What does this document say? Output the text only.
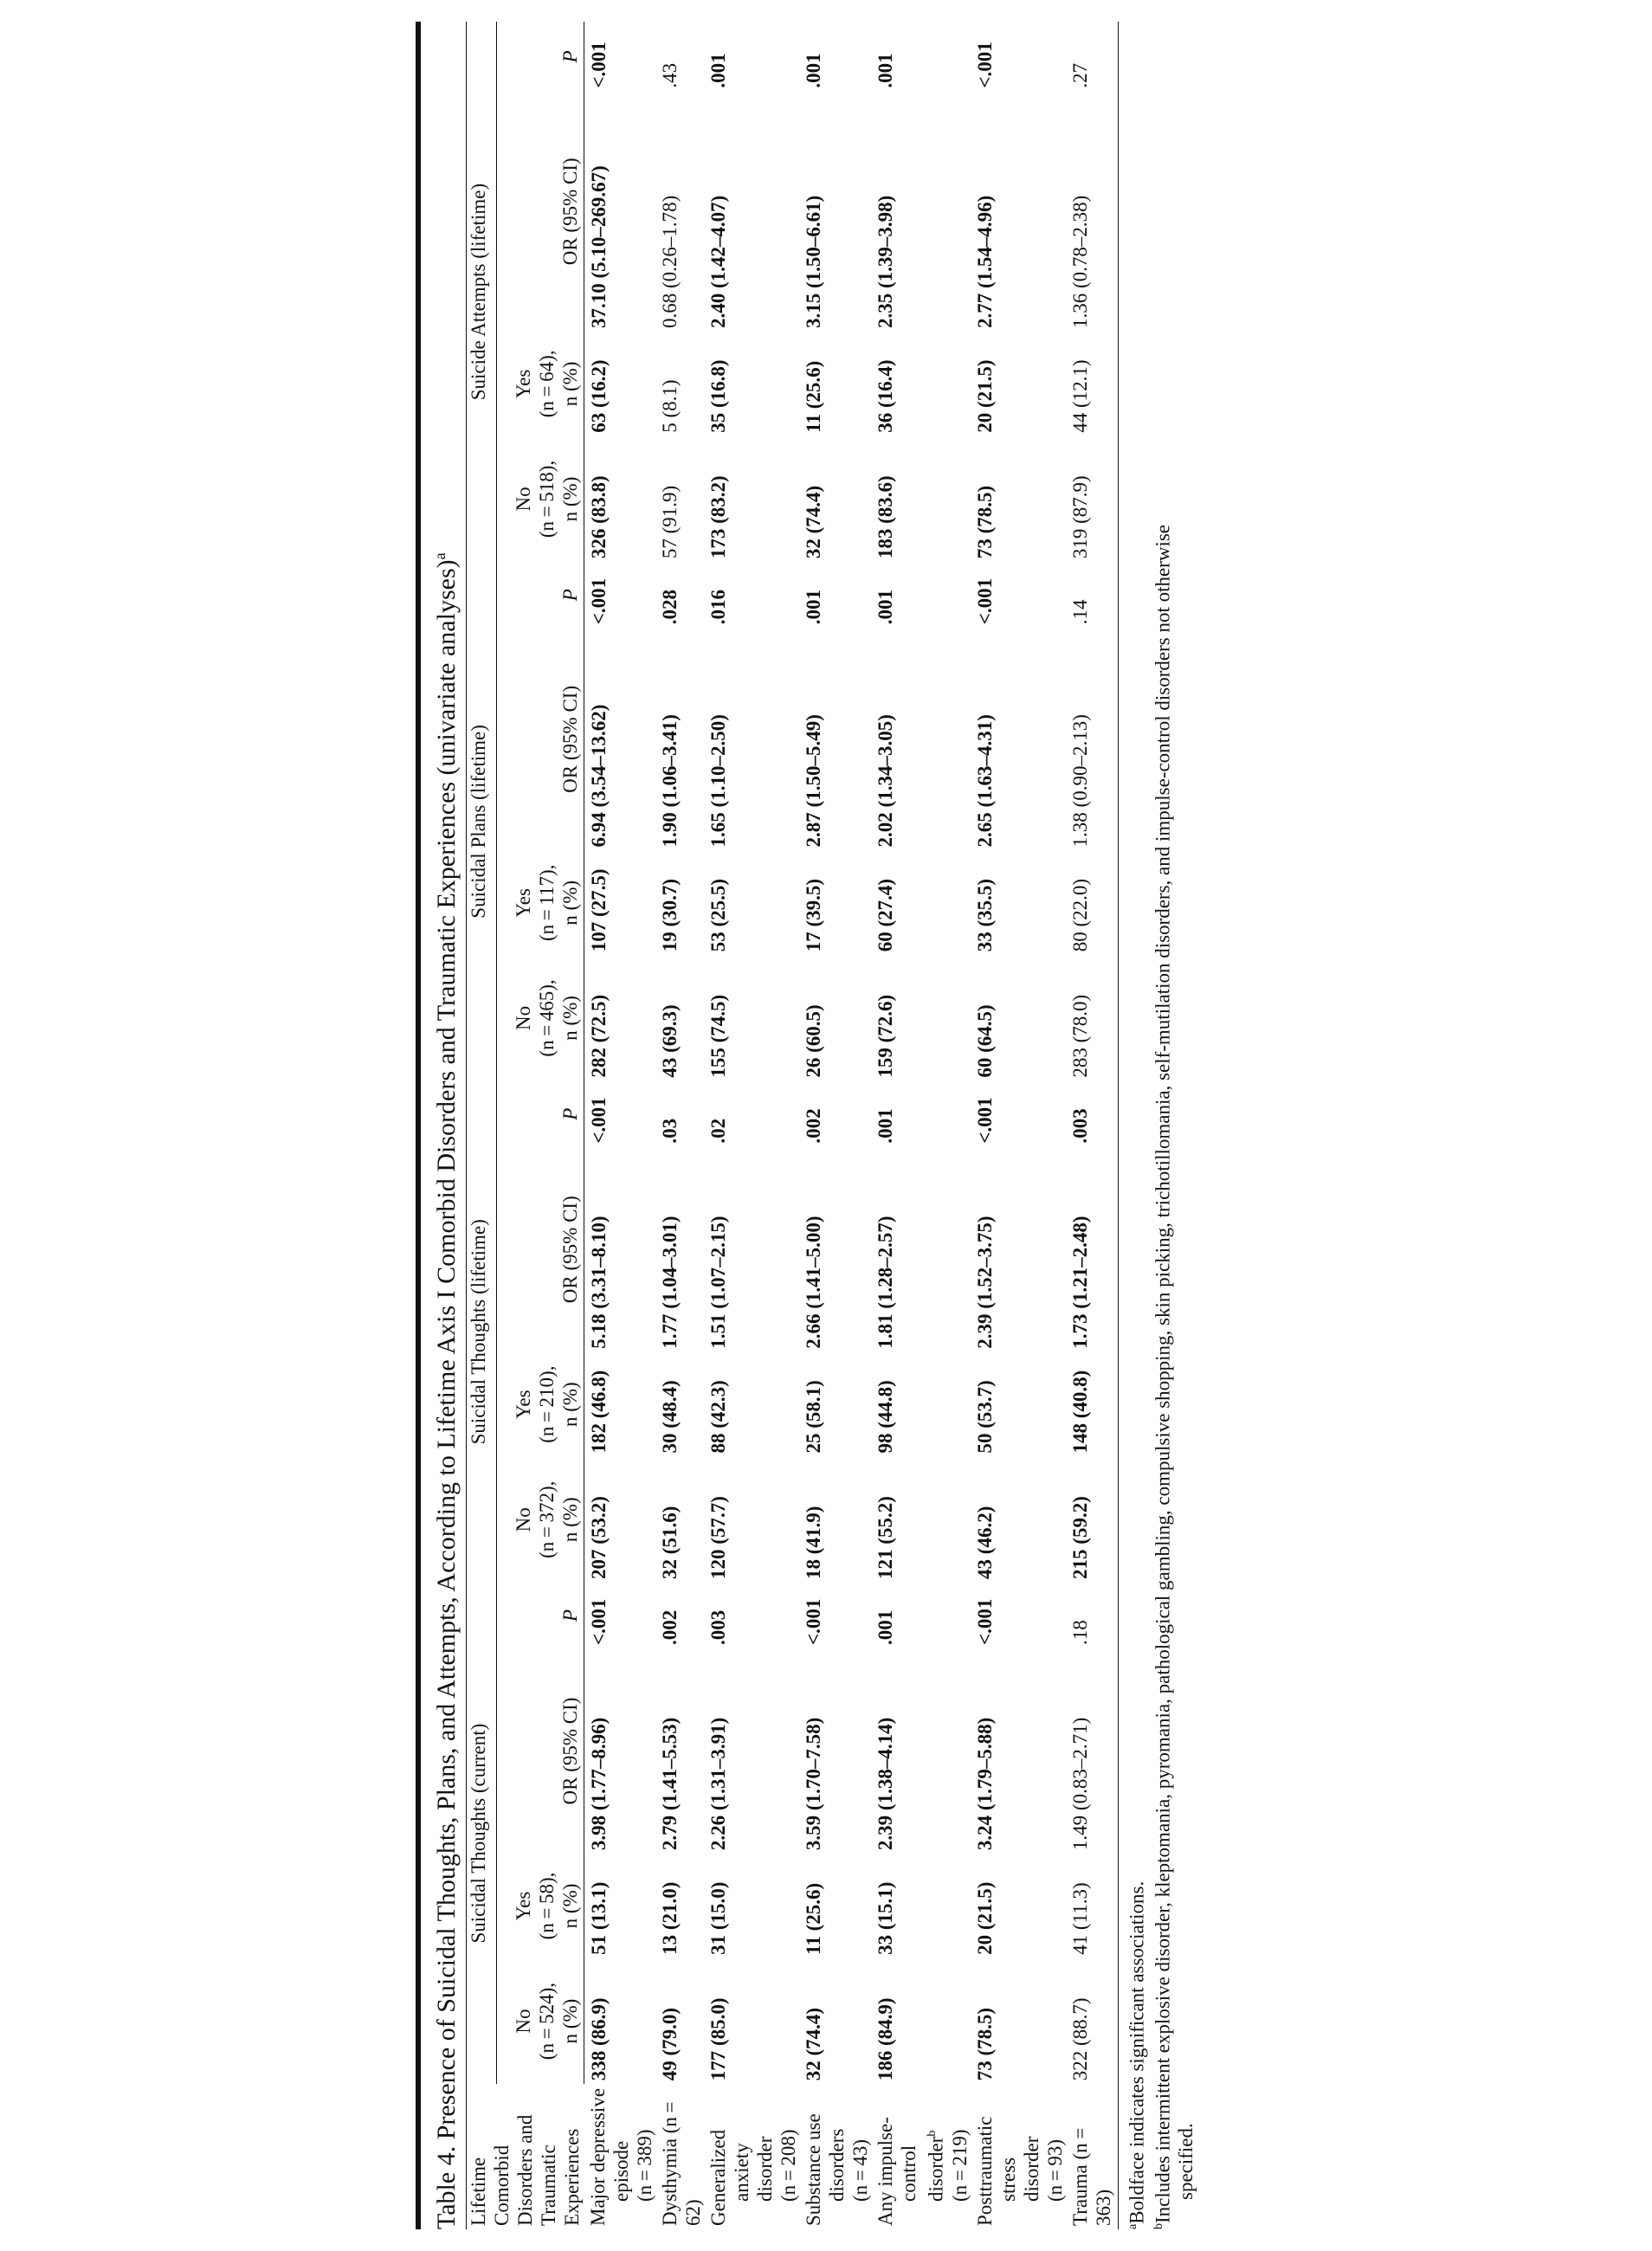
Table 4. Presence of Suicidal Thoughts, Plans, and Attempts, According to Lifetime Axis I Comorbid Disorders and Traumatic Experiences (univariate analyses)$^a$
Lifetime Comorbid Disorders and Traumatic Experiences	Suicidal Thoughts (current)				Suicidal Thoughts (lifetime)				Suicidal Plans (lifetime)				Suicide Attempts (lifetime)			

	No (n = 524), n (%)	Yes (n = 58), n (%)	OR (95% CI)	P	No (n = 372), n (%)	Yes (n = 210), n (%)	OR (95% CI)	P	No (n = 465), n (%)	Yes (n = 117), n (%)	OR (95% CI)	P	No (n = 518), n (%)	Yes (n = 64), n (%)	OR (95% CI)	P

Major depressive episode (n = 389)	338 (86.9)	51 (13.1)	3.98 (1.77–8.96)	<.001	207 (53.2)	182 (46.8)	5.18 (3.31–8.10)	<.001	282 (72.5)	107 (27.5)	6.94 (3.54–13.62)	<.001	326 (83.8)	63 (16.2)	37.10 (5.10–269.67)	<.001

Dysthymia (n = 62)	49 (79.0)	13 (21.0)	2.79 (1.41–5.53)	.002	32 (51.6)	30 (48.4)	1.77 (1.04–3.01)	.03	43 (69.3)	19 (30.7)	1.90 (1.06–3.41)	.028	57 (91.9)	5 (8.1)	0.68 (0.26–1.78)	.43

Generalized anxiety disorder (n = 208)	177 (85.0)	31 (15.0)	2.26 (1.31–3.91)	.003	120 (57.7)	88 (42.3)	1.51 (1.07–2.15)	.02	155 (74.5)	53 (25.5)	1.65 (1.10–2.50)	.016	173 (83.2)	35 (16.8)	2.40 (1.42–4.07)	.001

Substance use disorders (n = 43)	32 (74.4)	11 (25.6)	3.59 (1.70–7.58)	<.001	18 (41.9)	25 (58.1)	2.66 (1.41–5.00)	.002	26 (60.5)	17 (39.5)	2.87 (1.50–5.49)	.001	32 (74.4)	11 (25.6)	3.15 (1.50–6.61)	.001

Any impulse- control disorder$^b$ (n = 219)	186 (84.9)	33 (15.1)	2.39 (1.38–4.14)	.001	121 (55.2)	98 (44.8)	1.81 (1.28–2.57)	.001	159 (72.6)	60 (27.4)	2.02 (1.34–3.05)	.001	183 (83.6)	36 (16.4)	2.35 (1.39–3.98)	.001

Posttraumatic stress disorder (n = 93)	73 (78.5)	20 (21.5)	3.24 (1.79–5.88)	<.001	43 (46.2)	50 (53.7)	2.39 (1.52–3.75)	<.001	60 (64.5)	33 (35.5)	2.65 (1.63–4.31)	<.001	73 (78.5)	20 (21.5)	2.77 (1.54–4.96)	<.001

Trauma (n = 363)	322 (88.7)	41 (11.3)	1.49 (0.83–2.71)	.18	215 (59.2)	148 (40.8)	1.73 (1.21–2.48)	.003	283 (78.0)	80 (22.0)	1.38 (0.90–2.13)	.14	319 (87.9)	44 (12.1)	1.36 (0.78–2.38)	.27

$^a$Boldface indicates significant associations.

$^b$Includes intermittent explosive disorder, kleptomania, pyromania, pathological gambling, compulsive shopping, skin picking, trichotillomania, self-mutilation disorders, and impulse-control disorders not otherwise specified.
